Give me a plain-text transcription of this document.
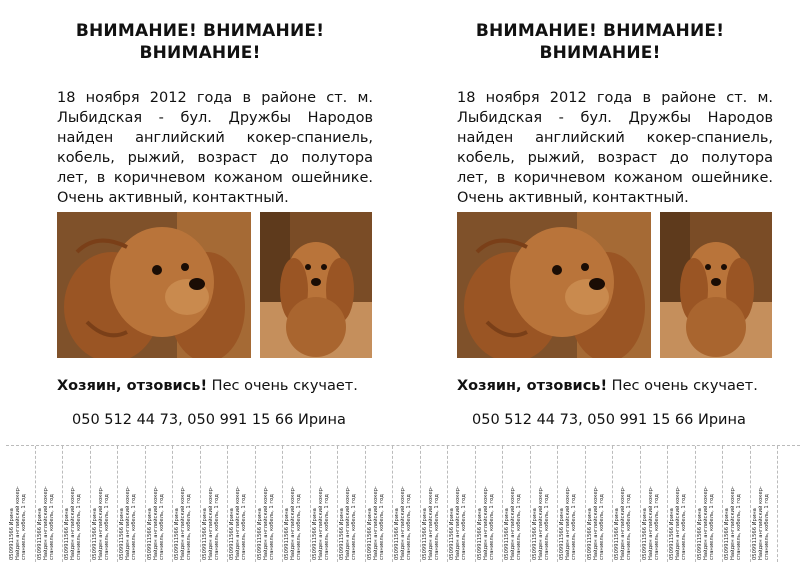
ВНИМАНИЕ! ВНИМАНИЕ! ВНИМАНИЕ!
18 ноября 2012 года в районе ст. м. Лыбидская - бул. Дружбы Народов найден английский кокер-спаниель, кобель, рыжий, возраст до полутора лет, в коричневом кожаном ошейнике. Очень активный, контактный.
Хозяин, отзовись! Пес очень скучает.
050 512 44 73, 050 991 15 66 Ирина
ВНИМАНИЕ! ВНИМАНИЕ! ВНИМАНИЕ!
18 ноября 2012 года в районе ст. м. Лыбидская - бул. Дружбы Народов найден английский кокер-спаниель, кобель, рыжий, возраст до полутора лет, в коричневом кожаном ошейнике. Очень активный, контактный.
Хозяин, отзовись! Пес очень скучает.
050 512 44 73, 050 991 15 66 Ирина
0509911566 Ирина Найден английский кокер- спаниель, кобель, 1 год 0509911566 Ирина Найден английский кокер- спаниель, кобель, 1 год 0509911566 Ирина Найден английский кокер- спаниель, кобель, 1 год 0509911566 Ирина Найден английский кокер- спаниель, кобель, 1 год 0509911566 Ирина Найден английский кокер- спаниель, кобель, 1 год 0509911566 Ирина Найден английский кокер- спаниель, кобель, 1 год 0509911566 Ирина Найден английский кокер- спаниель, кобель, 1 год 0509911566 Ирина Найден английский кокер- спаниель, кобель, 1 год 0509911566 Ирина Найден английский кокер- спаниель, кобель, 1 год 0509911566 Ирина Найден английский кокер- спаниель, кобель, 1 год 0509911566 Ирина Найден английский кокер- спаниель, кобель, 1 год 0509911566 Ирина Найден английский кокер- спаниель, кобель, 1 год 0509911566 Ирина Найден английский кокер- спаниель, кобель, 1 год 0509911566 Ирина Найден английский кокер- спаниель, кобель, 1 год 0509911566 Ирина Найден английский кокер- спаниель, кобель, 1 год 0509911566 Ирина Найден английский кокер- спаниель, кобель, 1 год 0509911566 Ирина Найден английский кокер- спаниель, кобель, 1 год 0509911566 Ирина Найден английский кокер- спаниель, кобель, 1 год 0509911566 Ирина Найден английский кокер- спаниель, кобель, 1 год 0509911566 Ирина Найден английский кокер- спаниель, кобель, 1 год 0509911566 Ирина Найден английский кокер- спаниель, кобель, 1 год 0509911566 Ирина Найден английский кокер- спаниель, кобель, 1 год 0509911566 Ирина Найден английский кокер- спаниель, кобель, 1 год 0509911566 Ирина Найден английский кокер- спаниель, кобель, 1 год 0509911566 Ирина Найден английский кокер- спаниель, кобель, 1 год 0509911566 Ирина Найден английский кокер- спаниель, кобель, 1 год 0509911566 Ирина Найден английский кокер- спаниель, кобель, 1 год 0509911566 Ирина Найден английский кокер- спаниель, кобель, 1 год
